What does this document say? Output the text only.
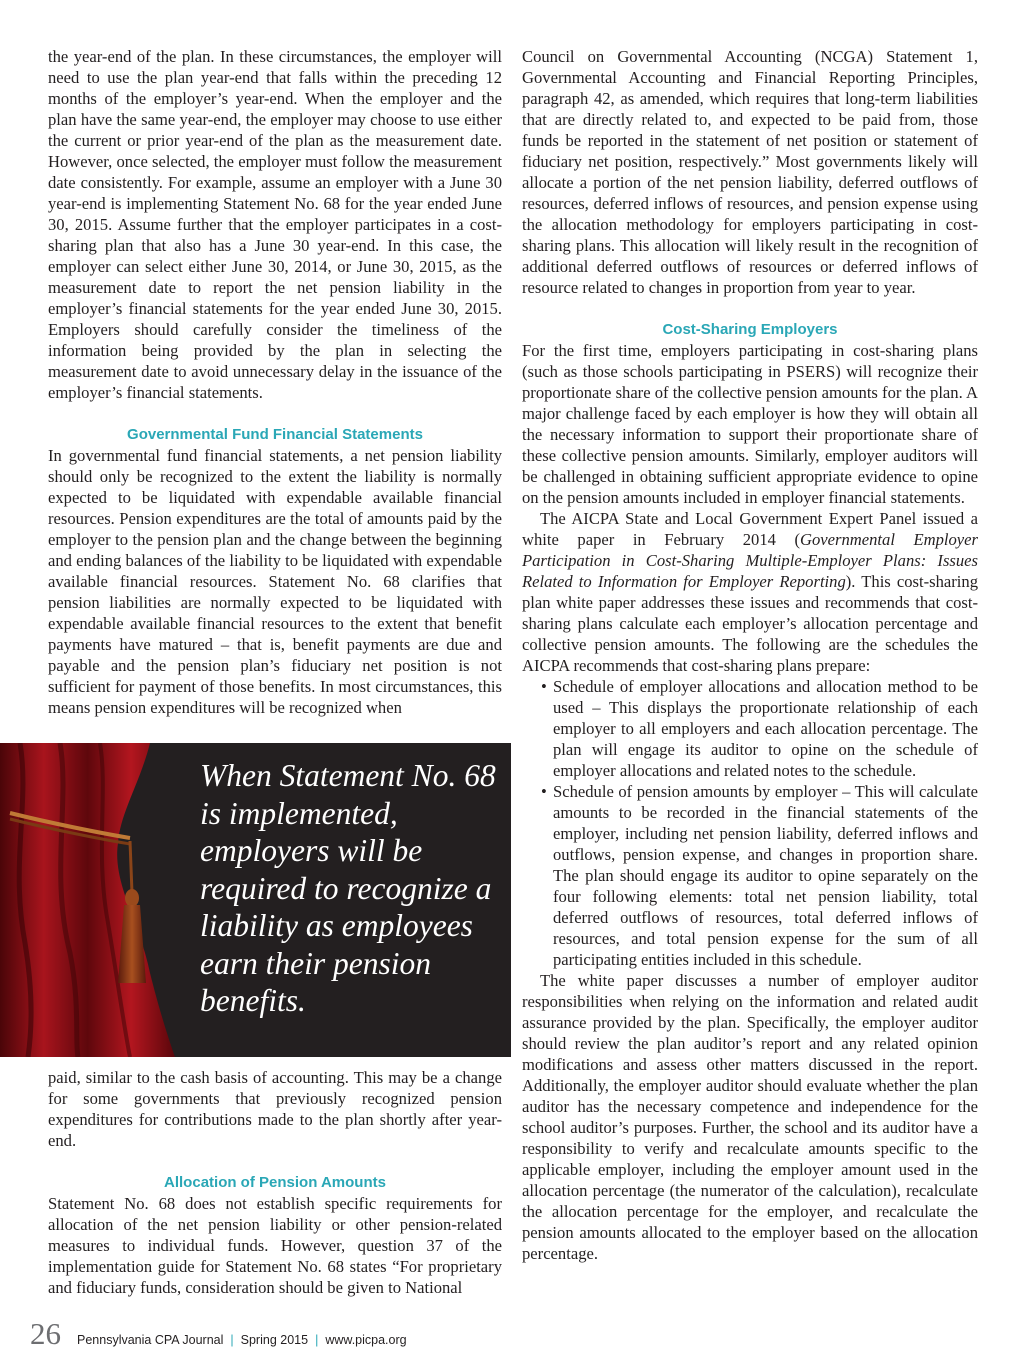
the year-end of the plan. In these circumstances, the employer will need to use the plan year-end that falls within the preceding 12 months of the employer’s year-end. When the employer and the plan have the same year-end, the employer may choose to use either the current or prior year-end of the plan as the measurement date. However, once selected, the employer must follow the measurement date consistently. For example, assume an employer with a June 30 year-end is implementing Statement No. 68 for the year ended June 30, 2015. Assume further that the employer participates in a cost-sharing plan that also has a June 30 year-end. In this case, the employer can select either June 30, 2014, or June 30, 2015, as the measurement date to report the net pension liability in the employer’s financial statements for the year ended June 30, 2015. Employers should carefully consider the timeliness of the information being provided by the plan in selecting the measurement date to avoid unnecessary delay in the issuance of the employer’s financial statements.

Governmental Fund Financial Statements

In governmental fund financial statements, a net pension liability should only be recognized to the extent the liability is normally expected to be liquidated with expendable available financial resources. Pension expenditures are the total of amounts paid by the employer to the pension plan and the change between the beginning and ending balances of the liability to be liquidated with expendable available financial resources. Statement No. 68 clarifies that pension liabilities are normally expected to be liquidated with expendable available financial resources to the extent that benefit payments have matured – that is, benefit payments are due and payable and the pension plan’s fiduciary net position is not sufficient for payment of those benefits. In most circumstances, this means pension expenditures will be recognized when

When Statement No. 68 is implemented, employers will be required to recognize a liability as employees earn their pension benefits.

paid, similar to the cash basis of accounting. This may be a change for some governments that previously recognized pension expenditures for contributions made to the plan shortly after year-end.

Allocation of Pension Amounts

Statement No. 68 does not establish specific requirements for allocation of the net pension liability or other pension-related measures to individual funds. However, question 37 of the implementation guide for Statement No. 68 states “For proprietary and fiduciary funds, consideration should be given to National

Council on Governmental Accounting (NCGA) Statement 1, Governmental Accounting and Financial Reporting Principles, paragraph 42, as amended, which requires that long-term liabilities that are directly related to, and expected to be paid from, those funds be reported in the statement of net position or statement of fiduciary net position, respectively.” Most governments likely will allocate a portion of the net pension liability, deferred outflows of resources, deferred inflows of resources, and pension expense using the allocation methodology for employers participating in cost-sharing plans. This allocation will likely result in the recognition of additional deferred outflows of resources or deferred inflows of resource related to changes in proportion from year to year.

Cost-Sharing Employers

For the first time, employers participating in cost-sharing plans (such as those schools participating in PSERS) will recognize their proportionate share of the collective pension amounts for the plan. A major challenge faced by each employer is how they will obtain all the necessary information to support their proportionate share of these collective pension amounts. Similarly, employer auditors will be challenged in obtaining sufficient appropriate evidence to opine on the pension amounts included in employer financial statements.

The AICPA State and Local Government Expert Panel issued a white paper in February 2014 (Governmental Employer Participation in Cost-Sharing Multiple-Employer Plans: Issues Related to Information for Employer Reporting). This cost-sharing plan white paper addresses these issues and recommends that cost-sharing plans calculate each employer’s allocation percentage and collective pension amounts. The following are the schedules the AICPA recommends that cost-sharing plans prepare:

• Schedule of employer allocations and allocation method to be used – This displays the proportionate relationship of each employer to all employers and each allocation percentage. The plan will engage its auditor to opine on the schedule of employer allocations and related notes to the schedule.
• Schedule of pension amounts by employer – This will calculate amounts to be recorded in the financial statements of the employer, including net pension liability, deferred inflows and outflows, pension expense, and changes in proportion share. The plan should engage its auditor to opine separately on the four following elements: total net pension liability, total deferred outflows of resources, total deferred inflows of resources, and total pension expense for the sum of all participating entities included in this schedule.

The white paper discusses a number of employer auditor responsibilities when relying on the information and related audit assurance provided by the plan. Specifically, the employer auditor should review the plan auditor’s report and any related opinion modifications and assess other matters discussed in the report. Additionally, the employer auditor should evaluate whether the plan auditor has the necessary competence and independence for the school auditor’s purposes. Further, the school and its auditor have a responsibility to verify and recalculate amounts specific to the applicable employer, including the employer amount used in the allocation percentage (the numerator of the calculation), recalculate the allocation percentage for the employer, and recalculate the pension amounts allocated to the employer based on the allocation percentage.

26 Pennsylvania CPA Journal | Spring 2015 | www.picpa.org
